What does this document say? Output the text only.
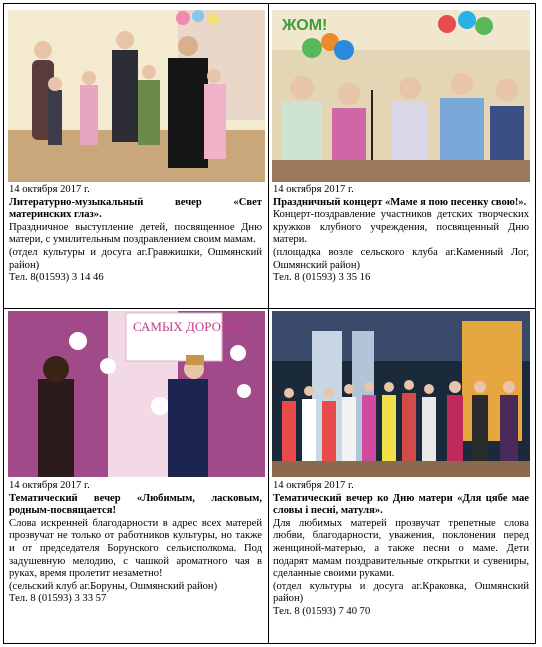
14 октября 2017 г.
Литературно-музыкальный вечер «Свет материнских глаз».

Праздничное выступление детей, посвященное Дню матери, с умилительным поздравлением своим мамам.

(отдел культуры и досуга аг.Гравжишки, Ошмянский район)

Тел. 8(01593) 3 14 46

ЖОМ!
14 октября 2017 г.
Праздничный концерт «Маме я пою песенку свою!».

Концерт-поздравление участников детских творческих кружков клубного учреждения, посвященный Дню матери.

(площадка возле сельского клуба аг.Каменный Лог, Ошмянский район)

Тел. 8 (01593) 3 35 16

САМЫХ ДОРОГИХ!
14 октября 2017 г.
Тематический вечер «Любимым, ласковым, родным-посвящается!

Слова искренней благодарности в адрес всех матерей прозвучат не только от работников культуры, но также и от председателя Борунского сельисполкома. Под задушевную мелодию, с чашкой ароматного чая в руках, время пролетит незаметно!

(сельский клуб аг.Боруны, Ошмянский район)

Тел. 8 (01593) 3 33 57

14 октября 2017 г.
Тематический вечер ко Дню матери «Для цябе мае словы і песні, матуля».

Для любимых матерей прозвучат трепетные слова любви, благодарности, уважения, поклонения перед женщиной-матерью, а также песни о маме. Дети подарят мамам поздравительные открытки и сувениры, сделанные своими руками.

(отдел культуры и досуга аг.Краковка, Ошмянский район)

Тел. 8 (01593) 7 40 70
